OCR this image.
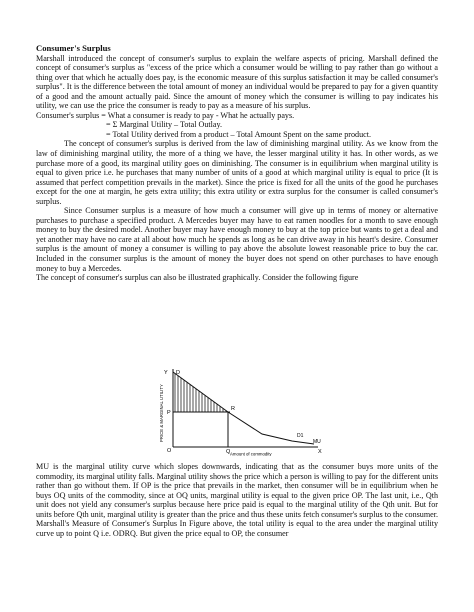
Consumer's Surplus

Marshall introduced the concept of consumer's surplus to explain the welfare aspects of pricing. Marshall defined the concept of consumer's surplus as "excess of the price which a consumer would be willing to pay rather than go without a thing over that which he actually does pay, is the economic measure of this surplus satisfaction it may be called consumer's surplus". It is the difference between the total amount of money an individual would be prepared to pay for a given quantity of a good and the amount actually paid. Since the amount of money which the consumer is willing to pay indicates his utility, we can use the price the consumer is ready to pay as a measure of his surplus.

Consumer's surplus = What a consumer is ready to pay - What he actually pays.

= Σ Marginal Utility – Total Outlay.

= Total Utility derived from a product – Total Amount Spent on the same product.

The concept of consumer's surplus is derived from the law of diminishing marginal utility. As we know from the law of diminishing marginal utility, the more of a thing we have, the lesser marginal utility it has. In other words, as we purchase more of a good, its marginal utility goes on diminishing. The consumer is in equilibrium when marginal utility is equal to given price i.e. he purchases that many number of units of a good at which marginal utility is equal to price (It is assumed that perfect competition prevails in the market). Since the price is fixed for all the units of the good he purchases except for the one at margin, he gets extra utility; this extra utility or extra surplus for the consumer is called consumer's surplus.

Since Consumer surplus is a measure of how much a consumer will give up in terms of money or alternative purchases to purchase a specified product. A Mercedes buyer may have to eat ramen noodles for a month to save enough money to buy the desired model. Another buyer may have enough money to buy at the top price but wants to get a deal and yet another may have no care at all about how much he spends as long as he can drive away in his heart's desire. Consumer surplus is the amount of money a consumer is willing to pay above the absolute lowest reasonable price to buy the car. Included in the consumer surplus is the amount of money the buyer does not spend on other purchases to have enough money to buy a Mercedes.

The concept of consumer's surplus can also be illustrated graphically. Consider the following figure

Y D
R
P
O	Q	X
D1
MU
Amount of commodity
PRICE & MARGINAL UTILITY

MU is the marginal utility curve which slopes downwards, indicating that as the consumer buys more units of the commodity, its marginal utility falls. Marginal utility shows the price which a person is willing to pay for the different units rather than go without them. If OP is the price that prevails in the market, then consumer will be in equilibrium when he buys OQ units of the commodity, since at OQ units, marginal utility is equal to the given price OP. The last unit, i.e., Qth unit does not yield any consumer's surplus because here price paid is equal to the marginal utility of the Qth unit. But for units before Qth unit, marginal utility is greater than the price and thus these units fetch consumer's surplus to the consumer. Marshall's Measure of Consumer's Surplus In Figure above, the total utility is equal to the area under the marginal utility curve up to point Q i.e. ODRQ. But given the price equal to OP, the consumer
